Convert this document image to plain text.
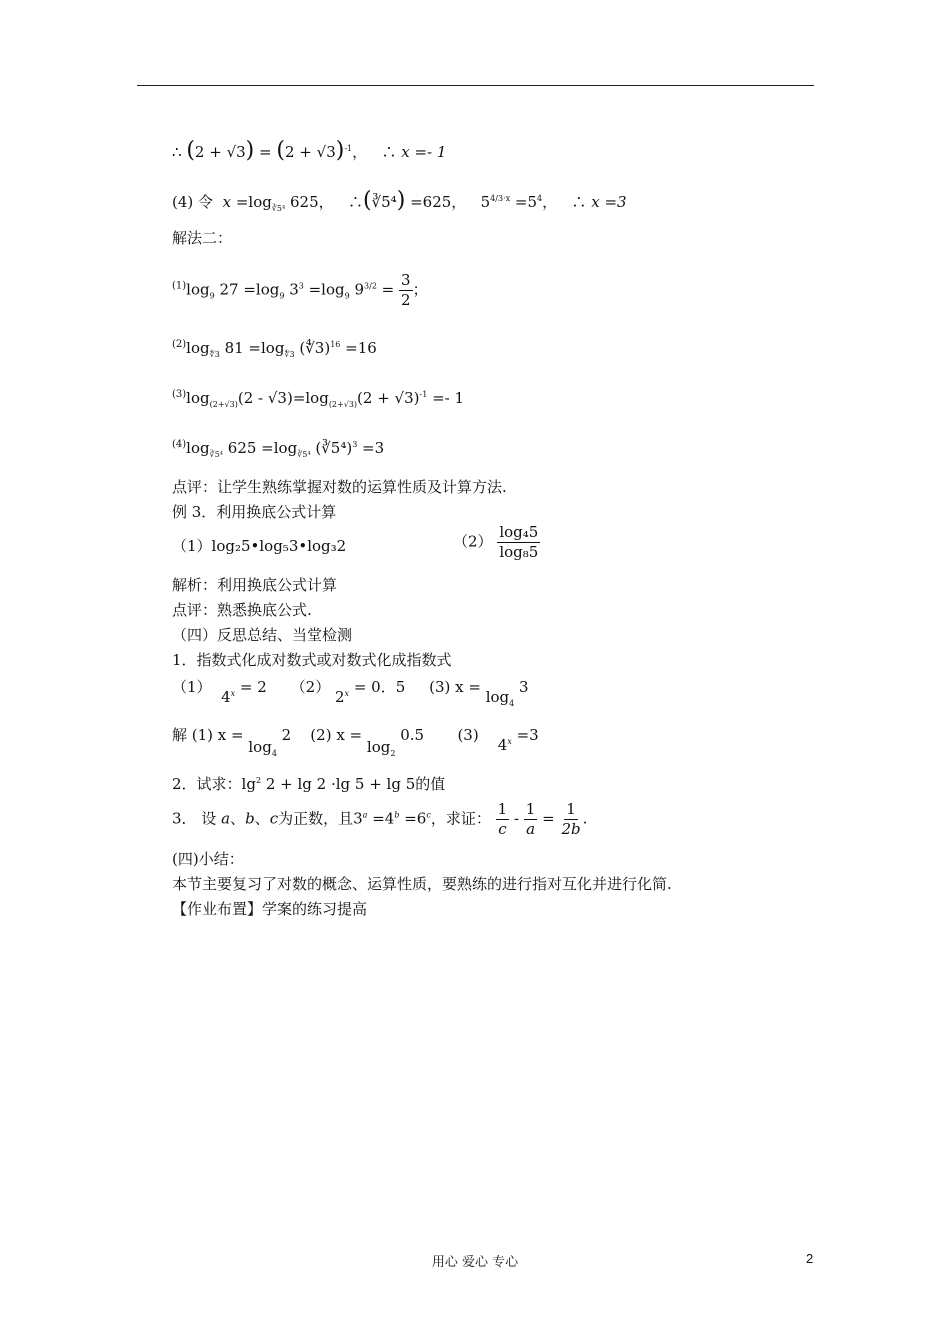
∴ $(2 + √3) = (2 + √3)^{-1}$， ∴ x =- 1
(4) 令 $x =\log_{∛5^4}$ 625， ∴(∛5⁴) =625， $5^{4/3\cdot x} =5^4$， ∴ x =3
解法二：
$^{(1)}\log_9$ $27 =\log_9$ $3^3 =\log_9$ $9^{3/2} = \frac{3}{2}$ ；
$^{(2)}\log_{∜3}$ $81 =\log_{∜3}$ (∜3)$^{16}$ =16
$^{(3)}\log_{(2+√3)}(2 - √3)=\log_{(2+√3)}(2 + √3)^{-1} =- 1$
$^{(4)}\log_{∛5^4}$ $625 =\log_{∛5^4}$ (∛5⁴)$^3$ =3
点评：让学生熟练掌握对数的运算性质及计算方法.
例 3．利用换底公式计算
（1）log₂5•log₅3•log₃2	$(2) \frac{\text{log₄5}}{\text{log₈5}}$
解析：利用换底公式计算
点评：熟悉换底公式.
（四）反思总结、当堂检测
1．指数式化成对数式或对数式化成指数式
（1）  $4^x = 2$ （2） $2^x = 0$．5 (3) $x = \log_4 3$
解 (1) $x = \log_4 2$ (2) $x = \log_2 0.5$ (3)    $4^x =3$
2．试求：$\lg^2 2 + \lg 2 \cdot\lg$ 5 + lg 5的值
3． 设 a、b、c为正数，且$3^a =4^b =6^c$，求证： $\frac{1}{c} - \frac{1}{a} = \frac{1}{2b}$ .
(四)小结：
本节主要复习了对数的概念、运算性质，要熟练的进行指对互化并进行化简.
【作业布置】学案的练习提高
用心 爱心 专心	2
